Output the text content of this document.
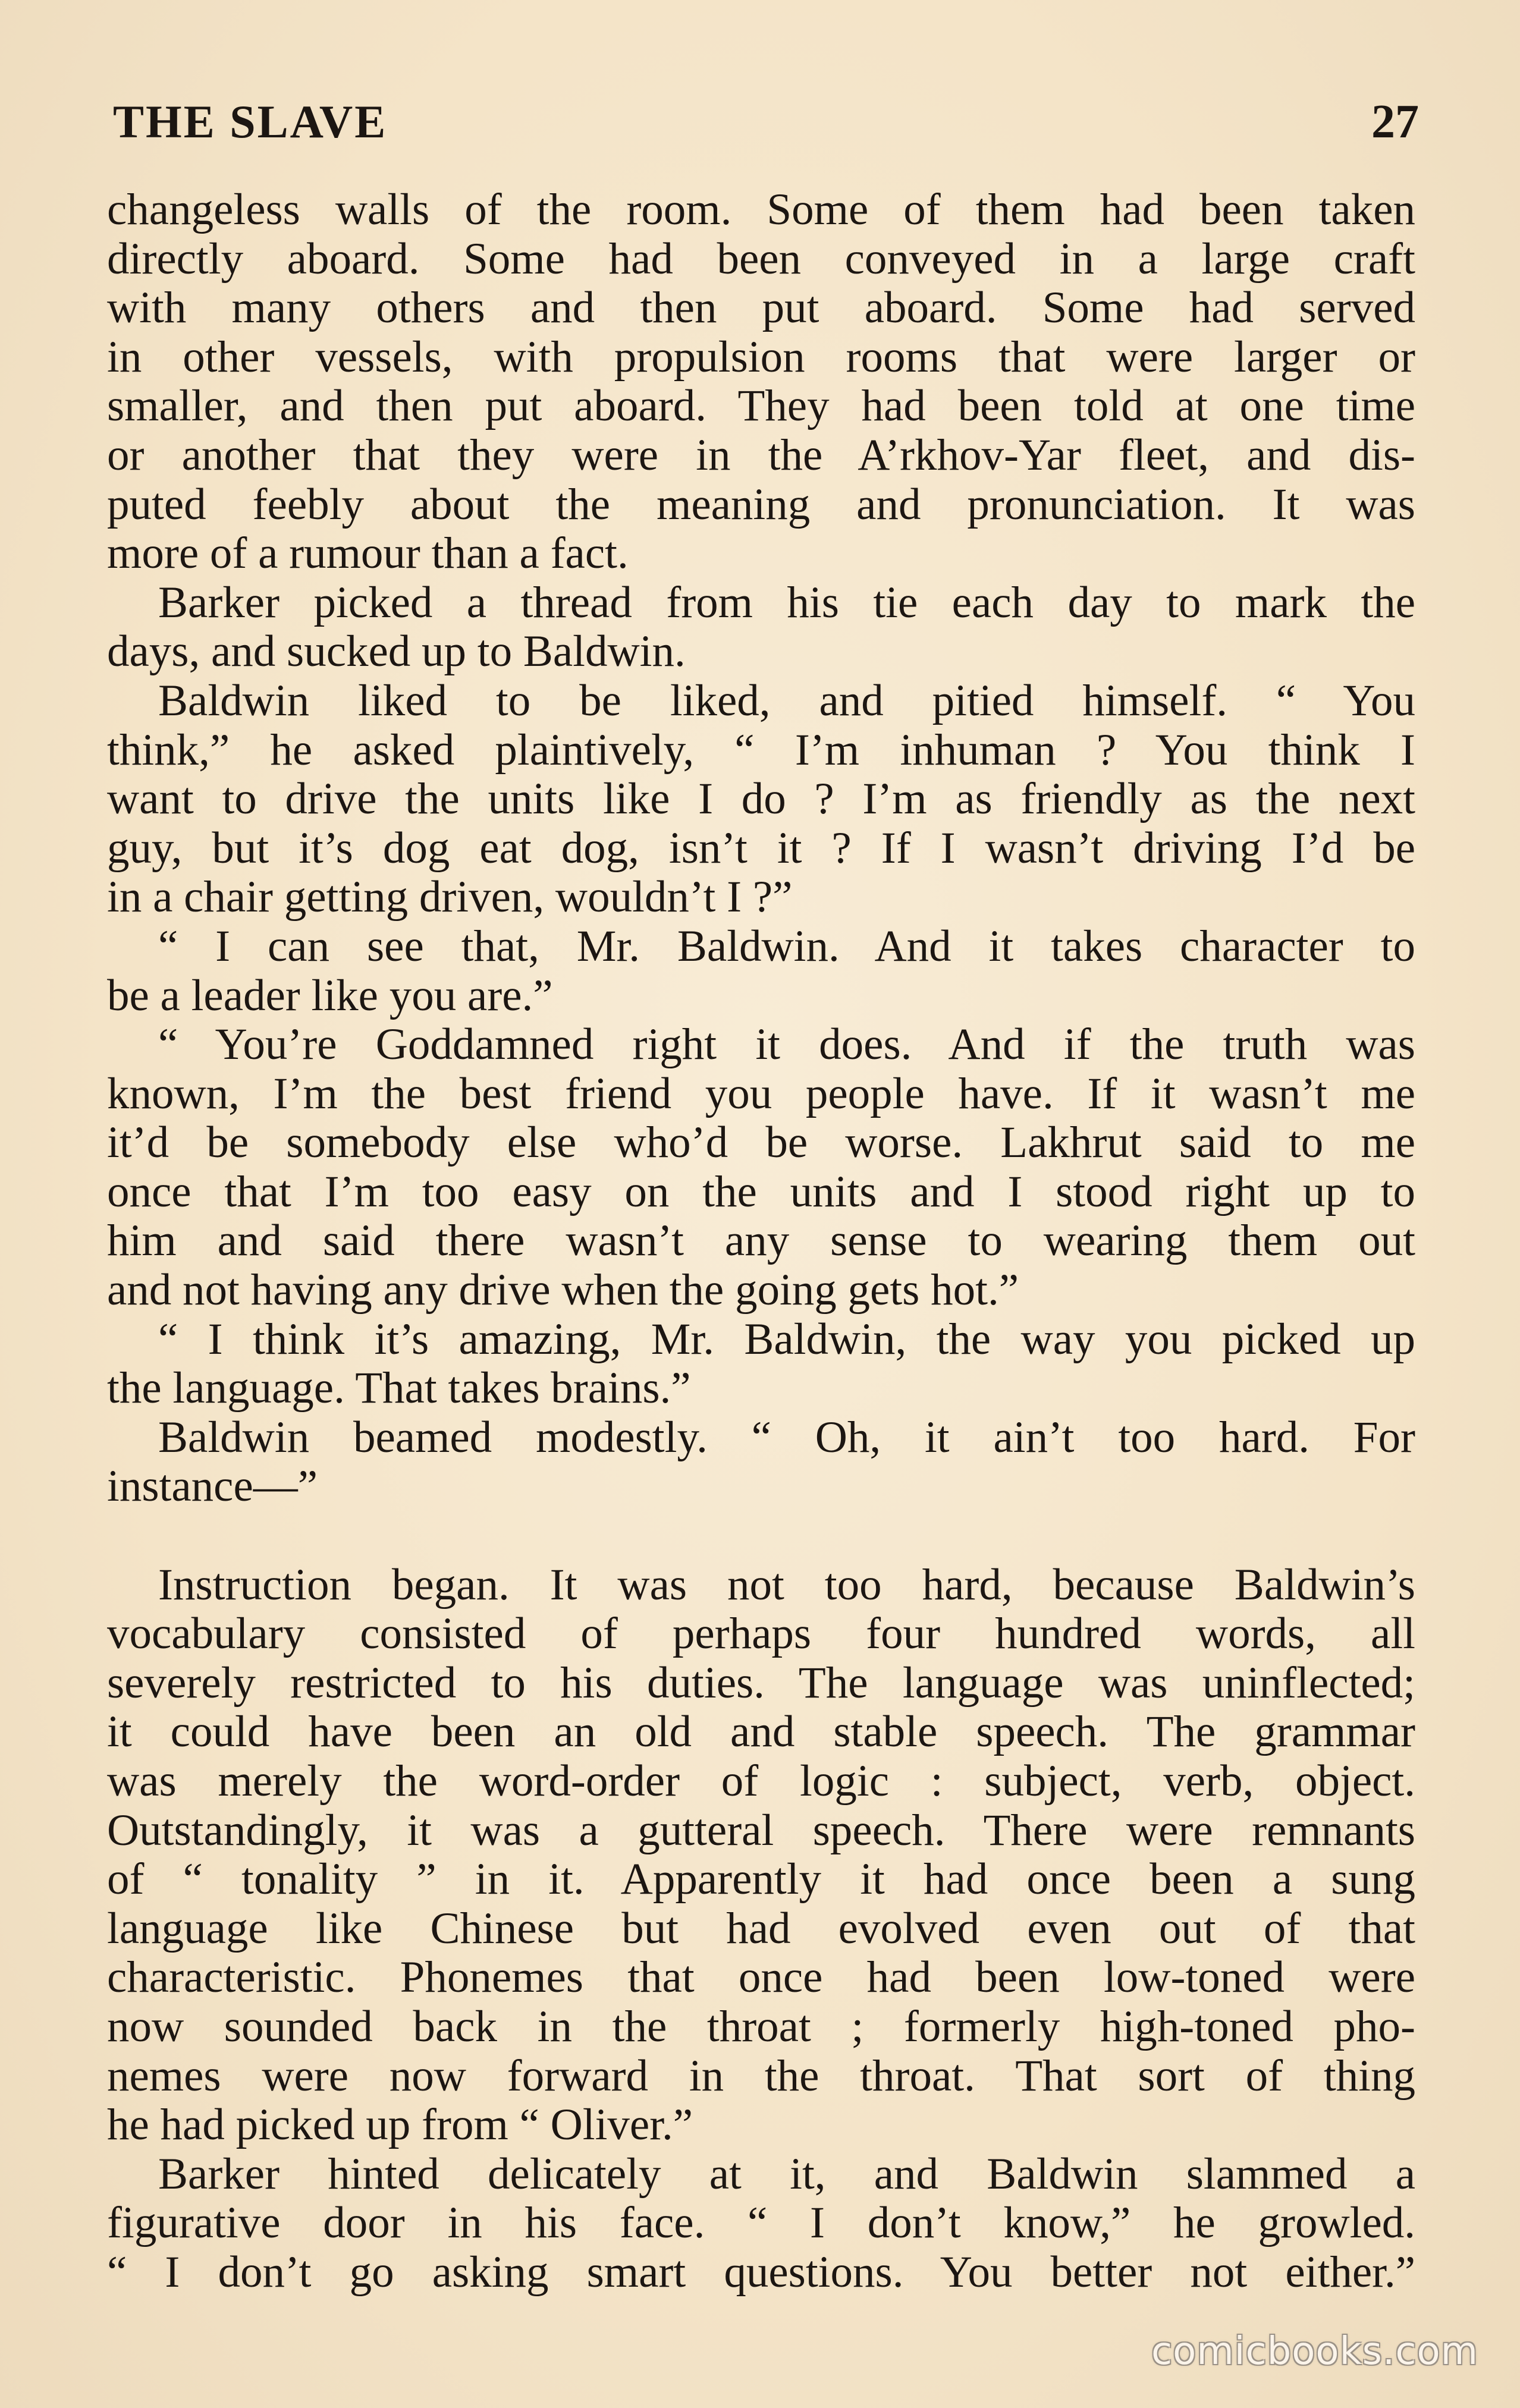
THE SLAVE	27
changeless walls of the room. Some of them had been taken
directly aboard. Some had been conveyed in a large craft
with many others and then put aboard. Some had served
in other vessels, with propulsion rooms that were larger or
smaller, and then put aboard. They had been told at one time
or another that they were in the A’rkhov-Yar fleet, and dis-
puted feebly about the meaning and pronunciation. It was
more of a rumour than a fact.
Barker picked a thread from his tie each day to mark the
days, and sucked up to Baldwin.
Baldwin liked to be liked, and pitied himself. “ You
think,” he asked plaintively, “ I’m inhuman ? You think I
want to drive the units like I do ? I’m as friendly as the next
guy, but it’s dog eat dog, isn’t it ? If I wasn’t driving I’d be
in a chair getting driven, wouldn’t I ?”
“ I can see that, Mr. Baldwin. And it takes character to
be a leader like you are.”
“ You’re Goddamned right it does. And if the truth was
known, I’m the best friend you people have. If it wasn’t me
it’d be somebody else who’d be worse. Lakhrut said to me
once that I’m too easy on the units and I stood right up to
him and said there wasn’t any sense to wearing them out
and not having any drive when the going gets hot.”
“ I think it’s amazing, Mr. Baldwin, the way you picked up
the language. That takes brains.”
Baldwin beamed modestly. “ Oh, it ain’t too hard. For
instance—”
Instruction began. It was not too hard, because Baldwin’s
vocabulary consisted of perhaps four hundred words, all
severely restricted to his duties. The language was uninflected;
it could have been an old and stable speech. The grammar
was merely the word-order of logic : subject, verb, object.
Outstandingly, it was a gutteral speech. There were remnants
of “ tonality ” in it. Apparently it had once been a sung
language like Chinese but had evolved even out of that
characteristic. Phonemes that once had been low-toned were
now sounded back in the throat ; formerly high-toned pho-
nemes were now forward in the throat. That sort of thing
he had picked up from “ Oliver.”
Barker hinted delicately at it, and Baldwin slammed a
figurative door in his face. “ I don’t know,” he growled.
“ I don’t go asking smart questions. You better not either.”
comicbooks.com
